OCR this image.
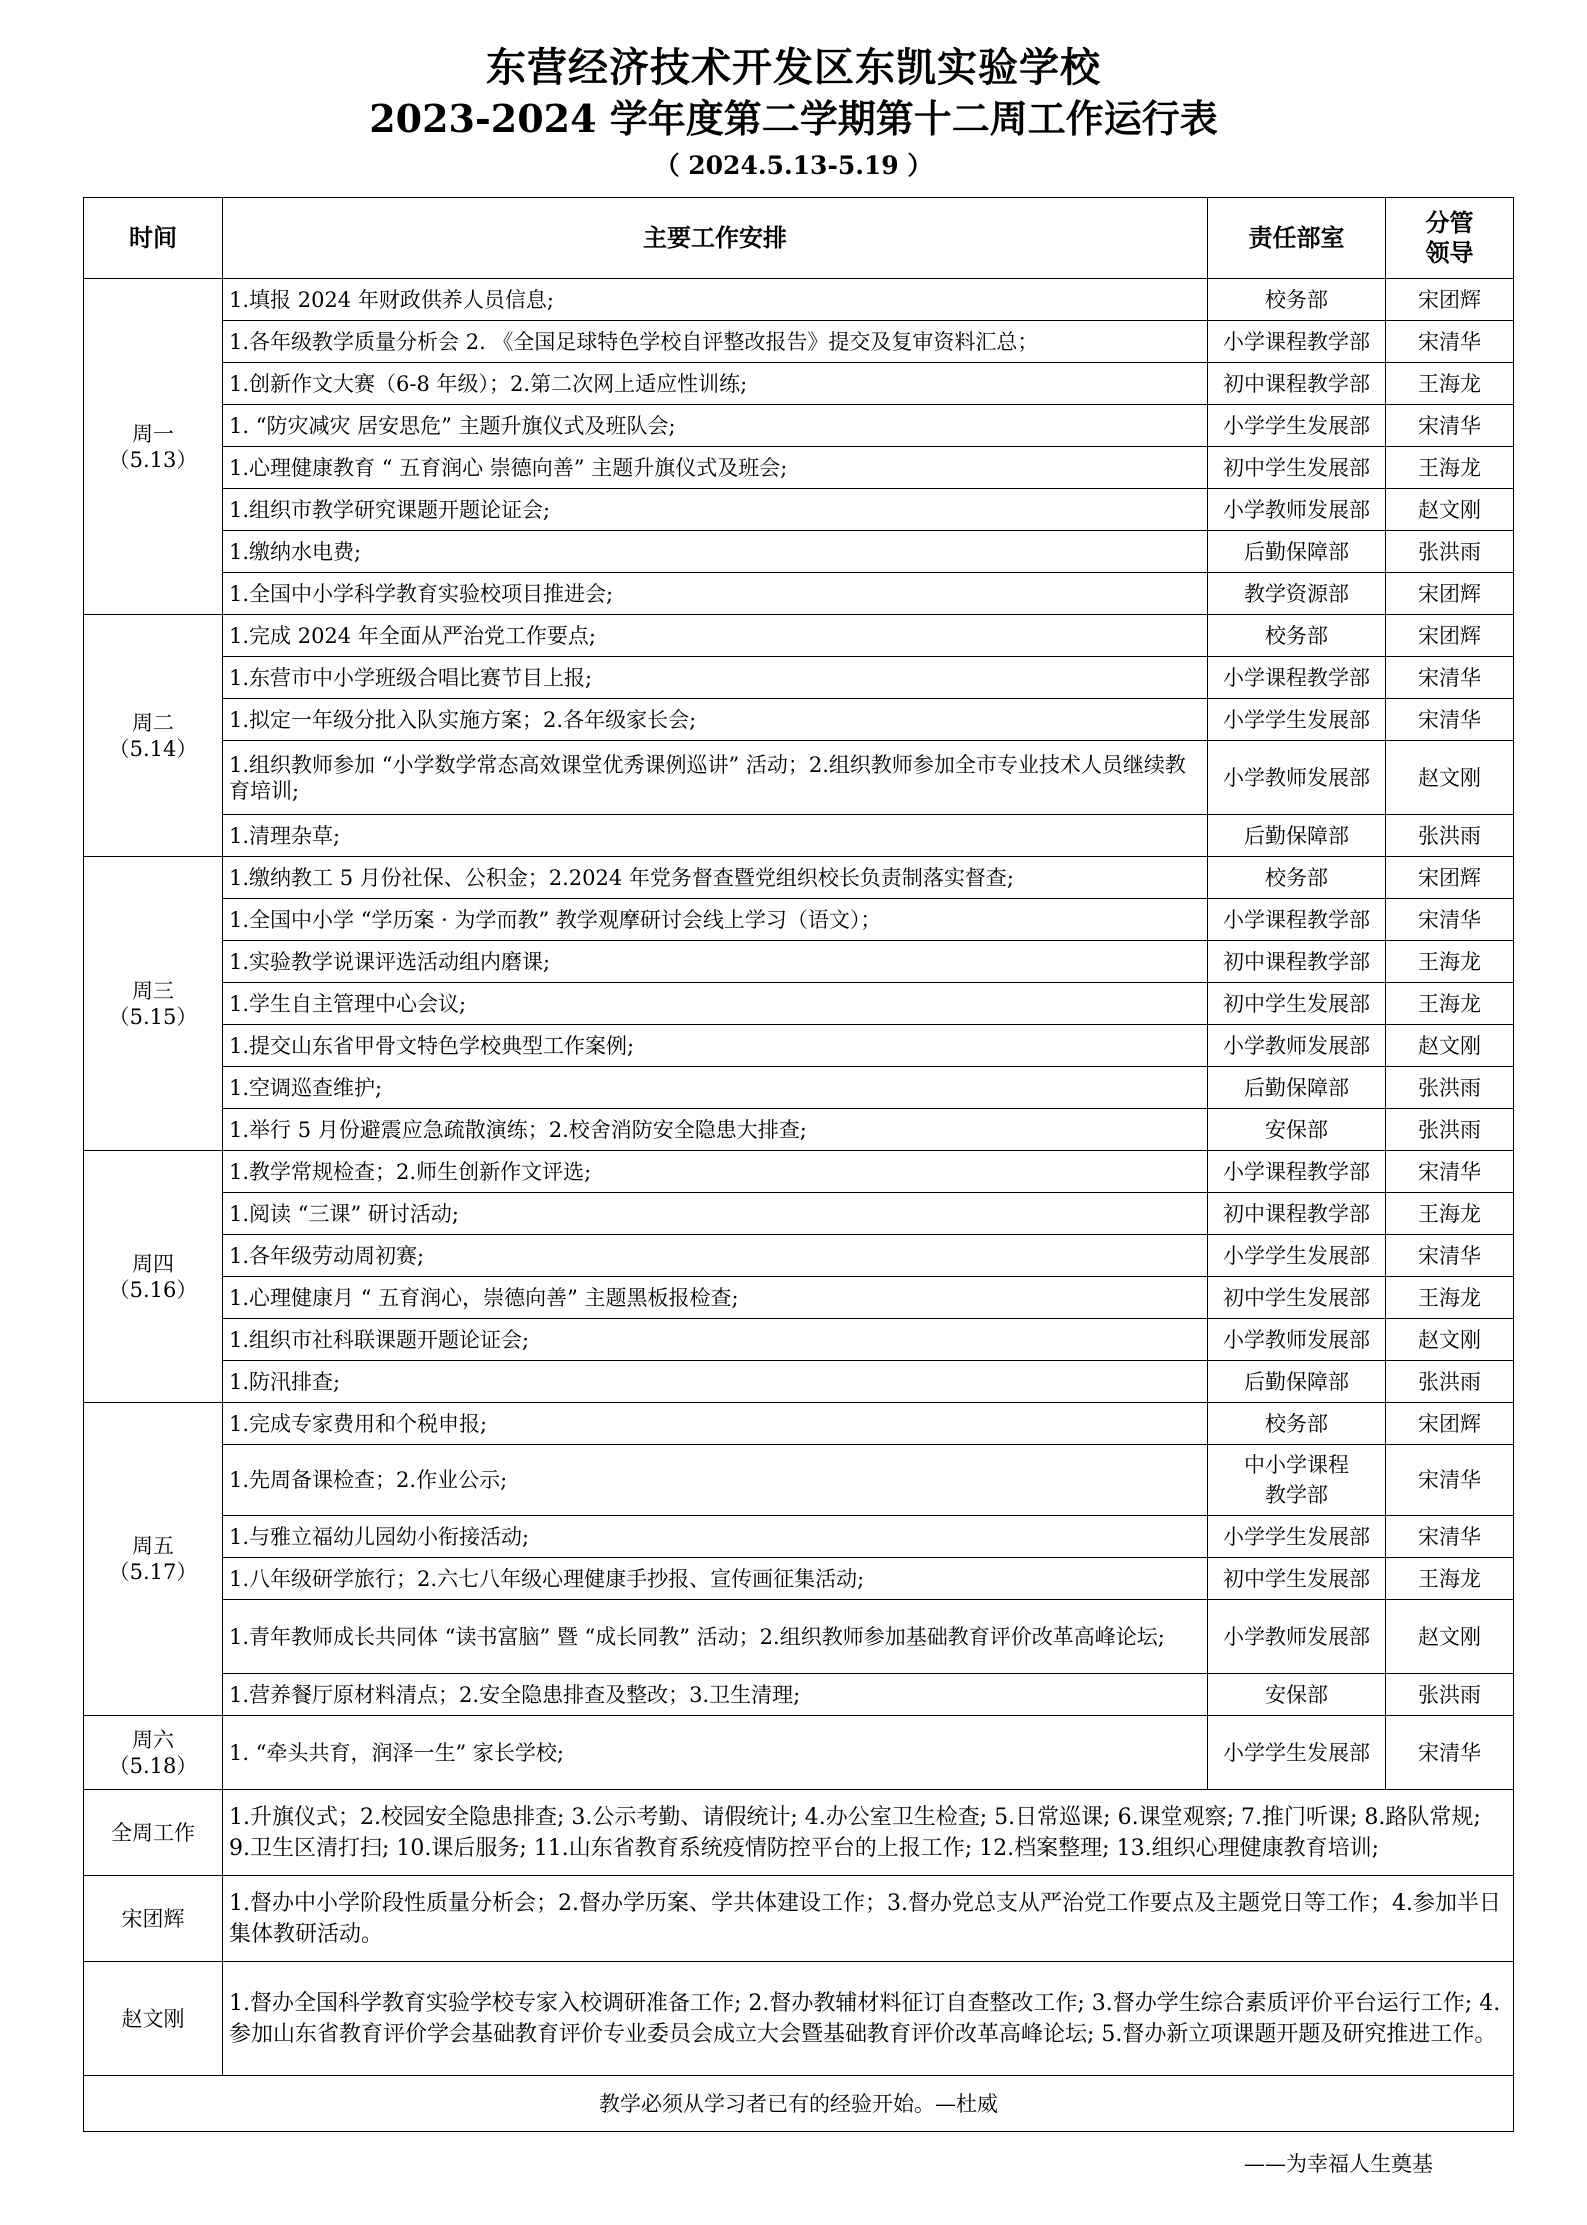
东营经济技术开发区东凯实验学校
2023-2024 学年度第二学期第十二周工作运行表
（ 2024.5.13-5.19 ）
时间	主要工作安排	责任部室	分管
领导
周一
（5.13）	1.填报 2024 年财政供养人员信息;	校务部	宋团辉
	1.各年级教学质量分析会 2. 《全国足球特色学校自评整改报告》提交及复审资料汇总；	小学课程教学部	宋清华
	1.创新作文大赛（6-8 年级）；2.第二次网上适应性训练;	初中课程教学部	王海龙
	1. “防灾减灾 居安思危” 主题升旗仪式及班队会;	小学学生发展部	宋清华
	1.心理健康教育 “ 五育润心 崇德向善” 主题升旗仪式及班会;	初中学生发展部	王海龙
	1.组织市教学研究课题开题论证会;	小学教师发展部	赵文刚
	1.缴纳水电费;	后勤保障部	张洪雨
	1.全国中小学科学教育实验校项目推进会;	教学资源部	宋团辉
周二
（5.14）	1.完成 2024 年全面从严治党工作要点;	校务部	宋团辉
	1.东营市中小学班级合唱比赛节目上报;	小学课程教学部	宋清华
	1.拟定一年级分批入队实施方案；2.各年级家长会;	小学学生发展部	宋清华
	1.组织教师参加 “小学数学常态高效课堂优秀课例巡讲” 活动；2.组织教师参加全市专业技术人员继续教育培训;	小学教师发展部	赵文刚
	1.清理杂草;	后勤保障部	张洪雨
周三
（5.15）	1.缴纳教工 5 月份社保、公积金；2.2024 年党务督查暨党组织校长负责制落实督查;	校务部	宋团辉
	1.全国中小学 “学历案 · 为学而教” 教学观摩研讨会线上学习（语文）；	小学课程教学部	宋清华
	1.实验教学说课评选活动组内磨课;	初中课程教学部	王海龙
	1.学生自主管理中心会议;	初中学生发展部	王海龙
	1.提交山东省甲骨文特色学校典型工作案例;	小学教师发展部	赵文刚
	1.空调巡查维护;	后勤保障部	张洪雨
	1.举行 5 月份避震应急疏散演练；2.校舍消防安全隐患大排查;	安保部	张洪雨
周四
（5.16）	1.教学常规检查；2.师生创新作文评选;	小学课程教学部	宋清华
	1.阅读 “三课” 研讨活动;	初中课程教学部	王海龙
	1.各年级劳动周初赛;	小学学生发展部	宋清华
	1.心理健康月 “ 五育润心，崇德向善” 主题黑板报检查;	初中学生发展部	王海龙
	1.组织市社科联课题开题论证会;	小学教师发展部	赵文刚
	1.防汛排查;	后勤保障部	张洪雨
周五
（5.17）	1.完成专家费用和个税申报;	校务部	宋团辉
	1.先周备课检查；2.作业公示;	中小学课程
教学部	宋清华
	1.与雅立福幼儿园幼小衔接活动;	小学学生发展部	宋清华
	1.八年级研学旅行；2.六七八年级心理健康手抄报、宣传画征集活动;	初中学生发展部	王海龙
	1.青年教师成长共同体 “读书富脑” 暨 “成长同教” 活动；2.组织教师参加基础教育评价改革高峰论坛;	小学教师发展部	赵文刚
	1.营养餐厅原材料清点；2.安全隐患排查及整改；3.卫生清理;	安保部	张洪雨
周六
（5.18）	1. “牵头共育，润泽一生” 家长学校;	小学学生发展部	宋清华
全周工作	1.升旗仪式；2.校园安全隐患排查; 3.公示考勤、请假统计; 4.办公室卫生检查; 5.日常巡课; 6.课堂观察; 7.推门听课; 8.路队常规; 9.卫生区清打扫; 10.课后服务; 11.山东省教育系统疫情防控平台的上报工作; 12.档案整理; 13.组织心理健康教育培训;		
宋团辉	1.督办中小学阶段性质量分析会；2.督办学历案、学共体建设工作；3.督办党总支从严治党工作要点及主题党日等工作；4.参加半日集体教研活动。		
赵文刚	1.督办全国科学教育实验学校专家入校调研准备工作; 2.督办教辅材料征订自查整改工作; 3.督办学生综合素质评价平台运行工作; 4.参加山东省教育评价学会基础教育评价专业委员会成立大会暨基础教育评价改革高峰论坛; 5.督办新立项课题开题及研究推进工作。		
教学必须从学习者已有的经验开始。—杜威			
——为幸福人生奠基
